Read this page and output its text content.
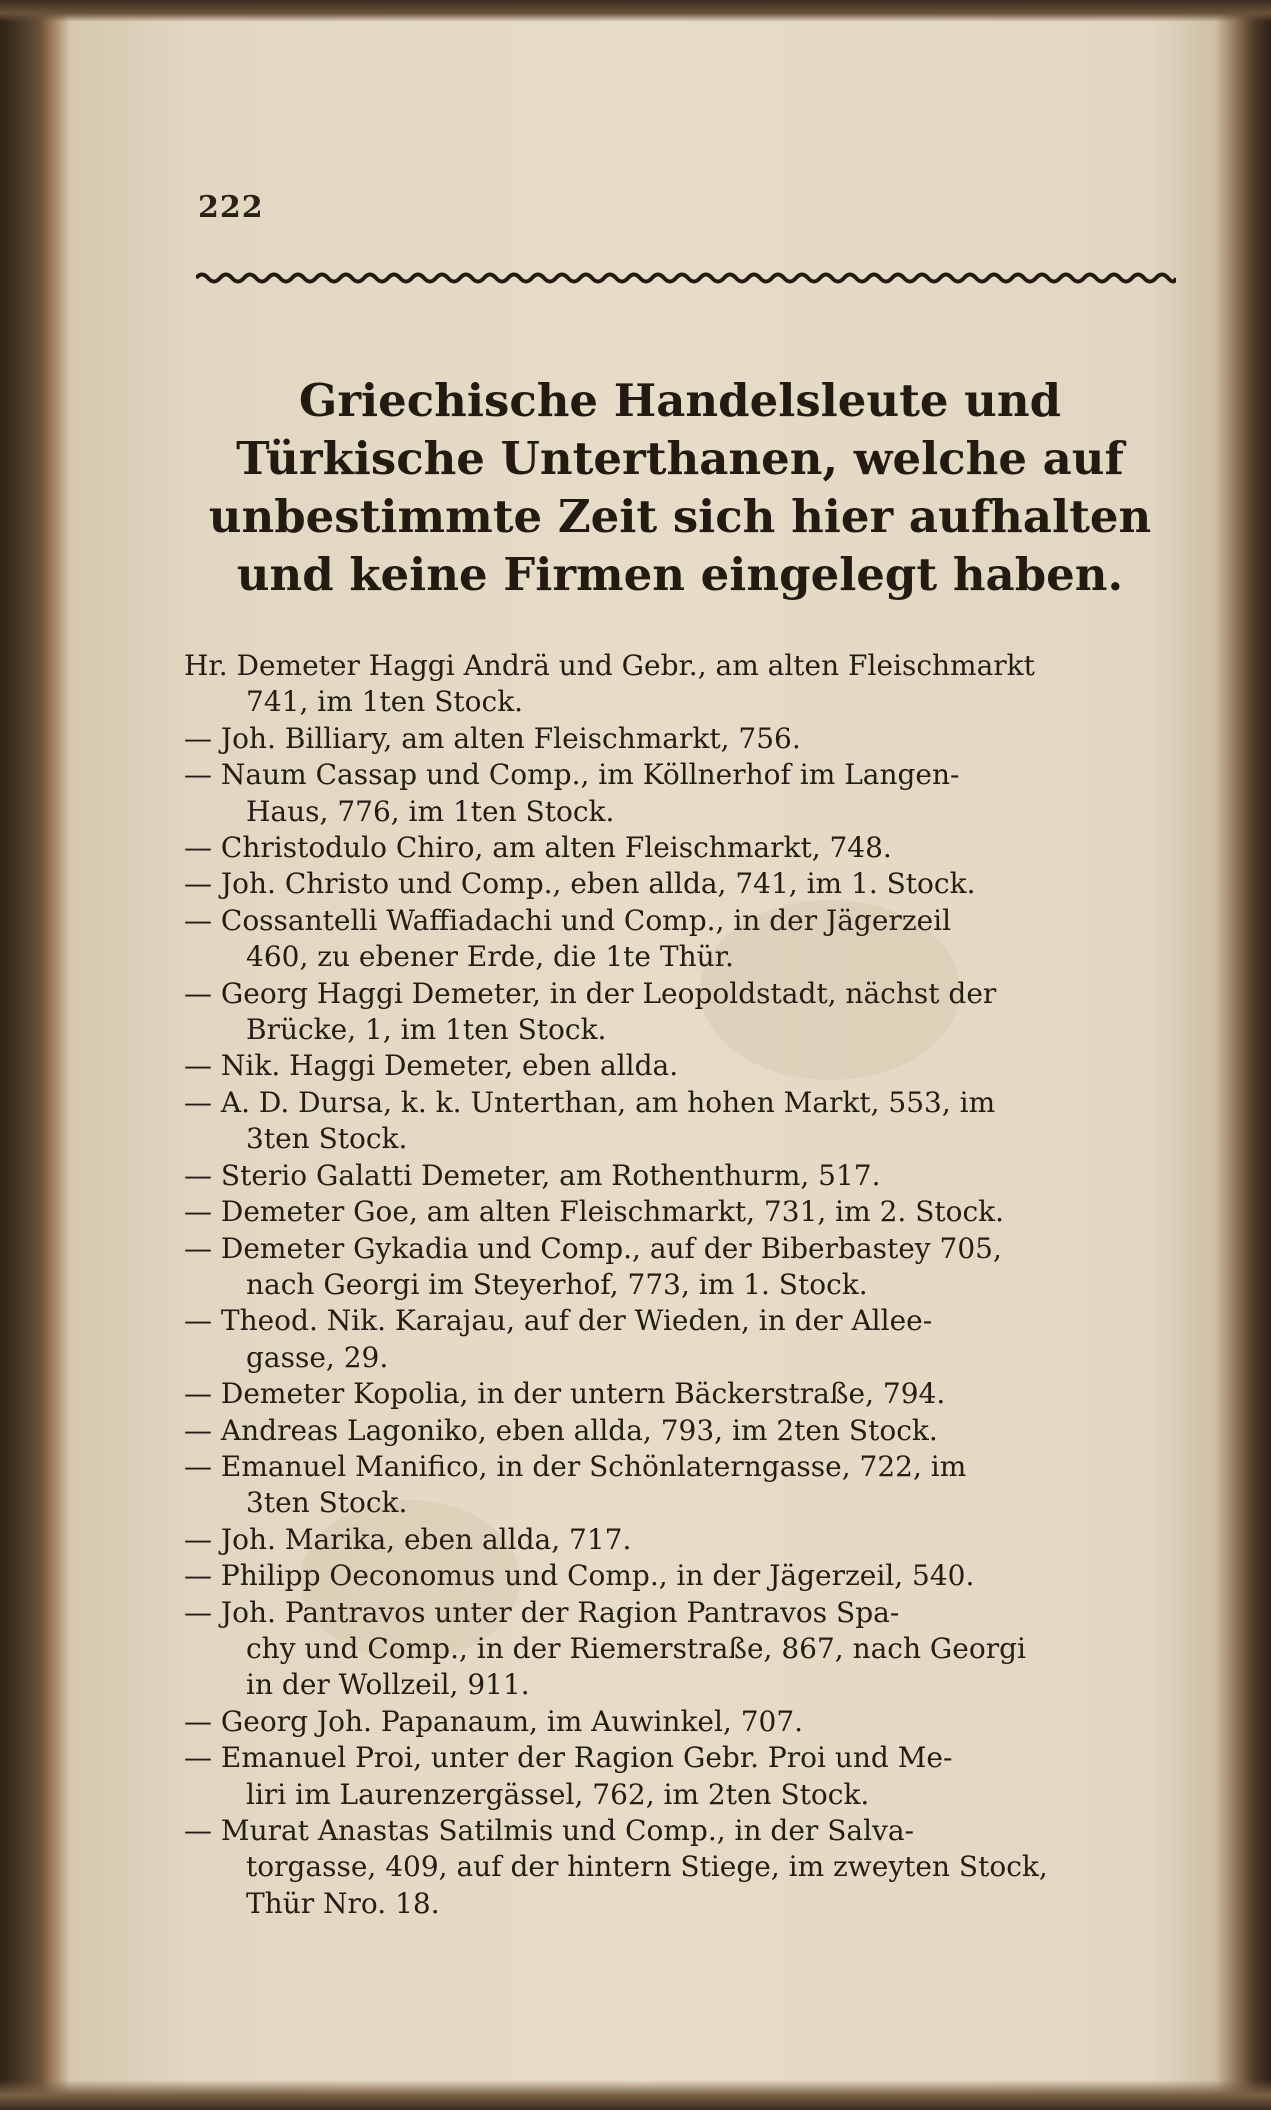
222
Griechische Handelsleute und Türkische Unterthanen, welche auf unbestimmte Zeit sich hier aufhalten und keine Firmen eingelegt haben.
Hr. Demeter Haggi Andrä und Gebr., am alten Fleischmarkt
741, im 1ten Stock.
— Joh. Billiary, am alten Fleischmarkt, 756.
— Naum Cassap und Comp., im Köllnerhof im Langen-
Haus, 776, im 1ten Stock.
— Christodulo Chiro, am alten Fleischmarkt, 748.
— Joh. Christo und Comp., eben allda, 741, im 1. Stock.
— Cossantelli Waffiadachi und Comp., in der Jägerzeil
460, zu ebener Erde, die 1te Thür.
— Georg Haggi Demeter, in der Leopoldstadt, nächst der
Brücke, 1, im 1ten Stock.
— Nik. Haggi Demeter, eben allda.
— A. D. Dursa, k. k. Unterthan, am hohen Markt, 553, im
3ten Stock.
— Sterio Galatti Demeter, am Rothenthurm, 517.
— Demeter Goe, am alten Fleischmarkt, 731, im 2. Stock.
— Demeter Gykadia und Comp., auf der Biberbastey 705,
nach Georgi im Steyerhof, 773, im 1. Stock.
— Theod. Nik. Karajau, auf der Wieden, in der Allee-
gasse, 29.
— Demeter Kopolia, in der untern Bäckerstraße, 794.
— Andreas Lagoniko, eben allda, 793, im 2ten Stock.
— Emanuel Manifico, in der Schönlaterngasse, 722, im
3ten Stock.
— Joh. Marika, eben allda, 717.
— Philipp Oeconomus und Comp., in der Jägerzeil, 540.
— Joh. Pantravos unter der Ragion Pantravos Spa-
chy und Comp., in der Riemerstraße, 867, nach Georgi
in der Wollzeil, 911.
— Georg Joh. Papanaum, im Auwinkel, 707.
— Emanuel Proi, unter der Ragion Gebr. Proi und Me-
liri im Laurenzergässel, 762, im 2ten Stock.
— Murat Anastas Satilmis und Comp., in der Salva-
torgasse, 409, auf der hintern Stiege, im zweyten Stock,
Thür Nro. 18.
